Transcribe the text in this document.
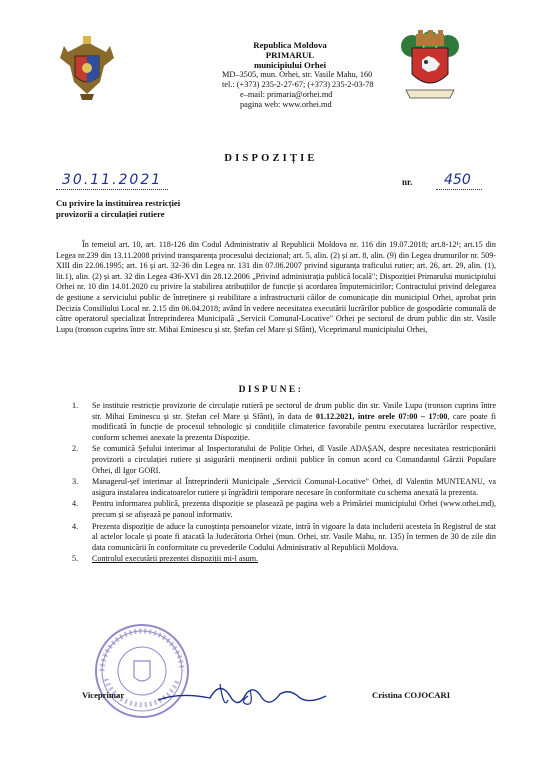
Republica Moldova
PRIMARUL
municipiului Orhei
MD–3505, mun. Orhei, str. Vasile Mahu, 160
tel.: (+373) 235-2-27-67; (+373) 235-2-03-78
e–mail: primaria@orhei.md
pagina web: www.orhei.md
DISPOZIȚIE
30.11.2021	nr. 450
Cu privire la instituirea restricției
provizorii a circulației rutiere

În temeiul art. 10, art. 118-126 din Codul Administrativ al Republicii Moldova nr. 116 din 19.07.2018; art.8-12¹; art.15 din Legea nr.239 din 13.11.2008 privind transparența procesului decizional; art. 5, alin. (2) și art. 8, alin. (9) din Legea drumurilor nr. 509-XIII din 22.06.1995; art. 16 și art. 32-36 din Legea nr. 131 din 07.06.2007 privind siguranța traficului rutier; art. 26, art. 29, alin. (1), lit.1), alin. (2) și art. 32 din Legea 436-XVI din 28.12.2006 „Privind administrația publică locală"; Dispoziției Primarului municipiului Orhei nr. 10 din 14.01.2020 cu privire la stabilirea atribuțiilor de funcție și acordarea împuternicirilor; Contractului privind delegarea de gestiune a serviciului public de întreținere și reabilitare a infrastructurii căilor de comunicație din municipiul Orhei, aprobat prin Decizia Consiliului Local nr. 2.15 din 06.04.2018; având în vedere necesitatea executării lucrărilor publice de gospodărie comunală de către operatorul specializat Întreprinderea Municipală „Servicii Comunal-Locative" Orhei pe sectorul de drum public din str. Vasile Lupu (tronson cuprins între str. Mihai Eminescu și str. Ștefan cel Mare și Sfânt), Viceprimarul municipiului Orhei,

DISPUNE:
1.	Se instituie restricție provizorie de circulație rutieră pe sectorul de drum public din str. Vasile Lupu (tronson cuprins între str. Mihai Eminescu și str. Ștefan cel Mare și Sfânt), în data de 01.12.2021, între orele 07:00 – 17:00, care poate fi modificată în funcție de procesul tehnologic și condițiile climaterice favorabile pentru executarea lucrărilor respective, conform schemei anexate la prezenta Dispoziție.
2.	Se comunică Șefului interimar al Inspectoratului de Poliție Orhei, dl Vasile ADAȘAN, despre necesitatea restricționării provizorii a circulației rutiere și asigurării menținerii ordinii publice în comun acord cu Comandantul Gărzii Populare Orhei, dl Igor GORI.
3.	Managerul-șef interimar al Întreprinderii Municipale „Servicii Comunal-Locative" Orhei, dl Valentin MUNTEANU, va asigura instalarea indicatoarelor rutiere și îngrădirii temporare necesare în conformitate cu schema anexată la prezenta.
4.	Pentru informarea publică, prezenta dispoziție se plasează pe pagina web a Primăriei municipiului Orhei (www.orhei.md), precum și se afișează pe panoul informativ.
4.	Prezenta dispoziție de aduce la cunoștința persoanelor vizate, intră în vigoare la data includerii acesteia în Registrul de stat al actelor locale și poate fi atacată la Judecătoria Orhei (mun. Orhei, str. Vasile Mahu, nr. 135) în termen de 30 de zile din data comunicării în conformitate cu prevederile Codului Administrativ al Republicii Moldova.
5.	Controlul executării prezentei dispoziții mi-l asum.
Viceprimar	Cristina COJOCARI
